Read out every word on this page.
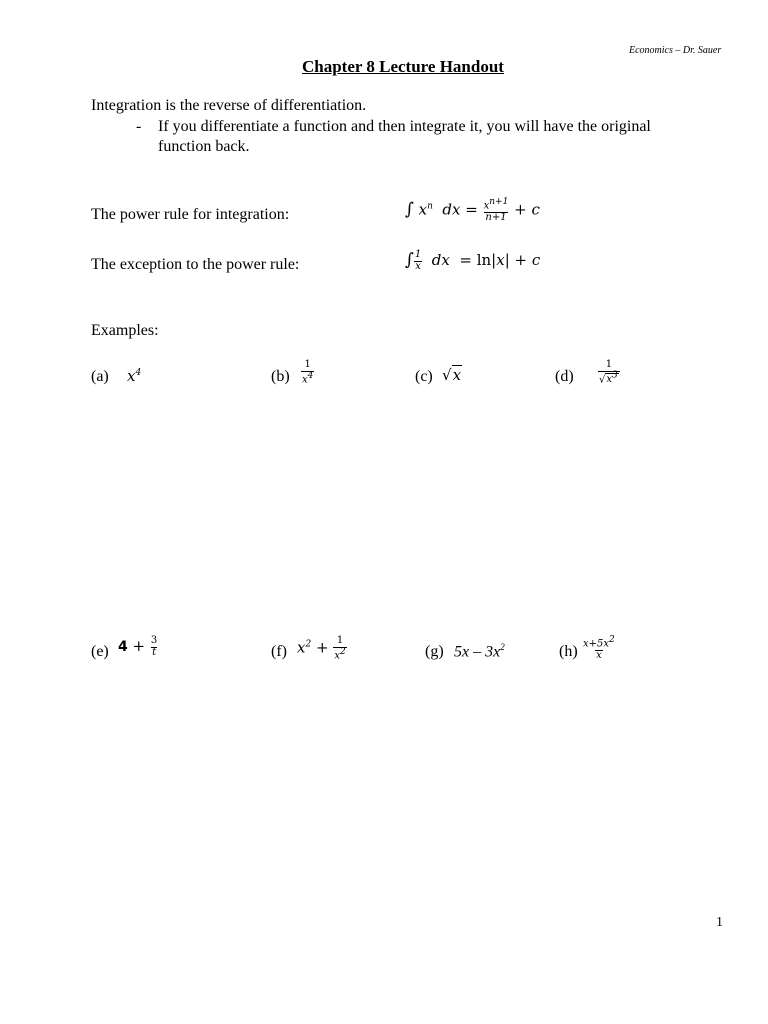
Economics – Dr. Sauer
Chapter 8 Lecture Handout
Integration is the reverse of differentiation.
- If you differentiate a function and then integrate it, you will have the original
function back.
The power rule for integration:	∫ $x^n$  dx = $\frac{x^{n+1}}{n+1} + c$
The exception to the power rule:	∫ $\frac{1}{x}$ dx  = ln|x| + c
Examples:
(a) $x^4$	$(b) \frac{1}{x^4}$	(c) √x	$(d) \frac{1}{√x^3}$
(e) $4 + \frac{3}{t}$	(f) $x^2 + \frac{1}{x^2}$	(g) $5x - 3x^2$	$(h) \frac{x+5x^2}{x}$
1
